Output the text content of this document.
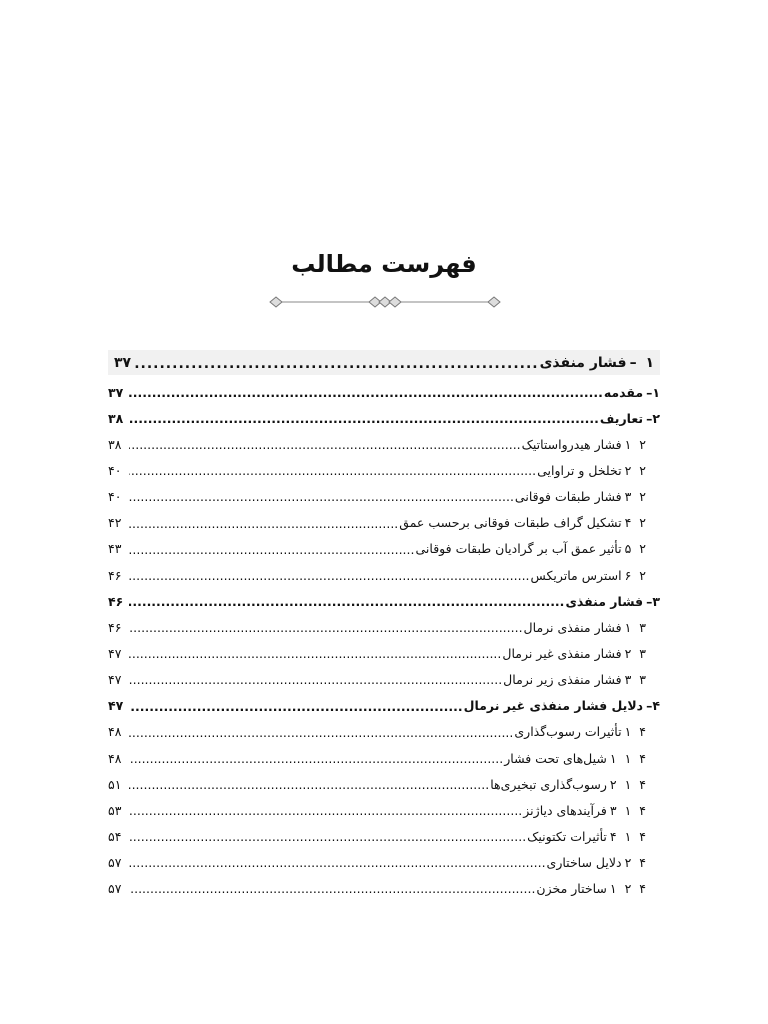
فهرست مطالب
۱ –
فشار منفذی
.....
۳۷
۱–
مقدمه
.....
۳۷
۲–
تعاریف
.....
۳۸
۲ ۱
فشار هیدرواستاتیک
.....
۳۸
۲ ۲
تخلخل و تراوایی
.....
۴۰
۲ ۳
فشار طبقات فوقانی
.....
۴۰
۲ ۴
تشکیل گراف طبقات فوقانی برحسب عمق
.....
۴۲
۲ ۵
تأثیر عمق آب بر گرادیان طبقات فوقانی
.....
۴۳
۲ ۶
استرس ماتریکس
.....
۴۶
۳–
فشار منفذی
.....
۴۶
۳ ۱
فشار منفذی نرمال
.....
۴۶
۳ ۲
فشار منفذی غیر نرمال
.....
۴۷
۳ ۳
فشار منفذی زیر نرمال
.....
۴۷
۴–
دلایل فشار منفذی غیر نرمال
.....
۴۷
۴ ۱
تأثیرات رسوب‌گذاری
.....
۴۸
۴ ۱ ۱
شیل‌های تحت فشار
.....
۴۸
۴ ۱ ۲
رسوب‌گذاری تبخیری‌ها
.....
۵۱
۴ ۱ ۳
فرآیندهای دیاژنز
.....
۵۳
۴ ۱ ۴
تأثیرات تکتونیک
.....
۵۴
۴ ۲
دلایل ساختاری
.....
۵۷
۴ ۲ ۱
ساختار مخزن
.....
۵۷
